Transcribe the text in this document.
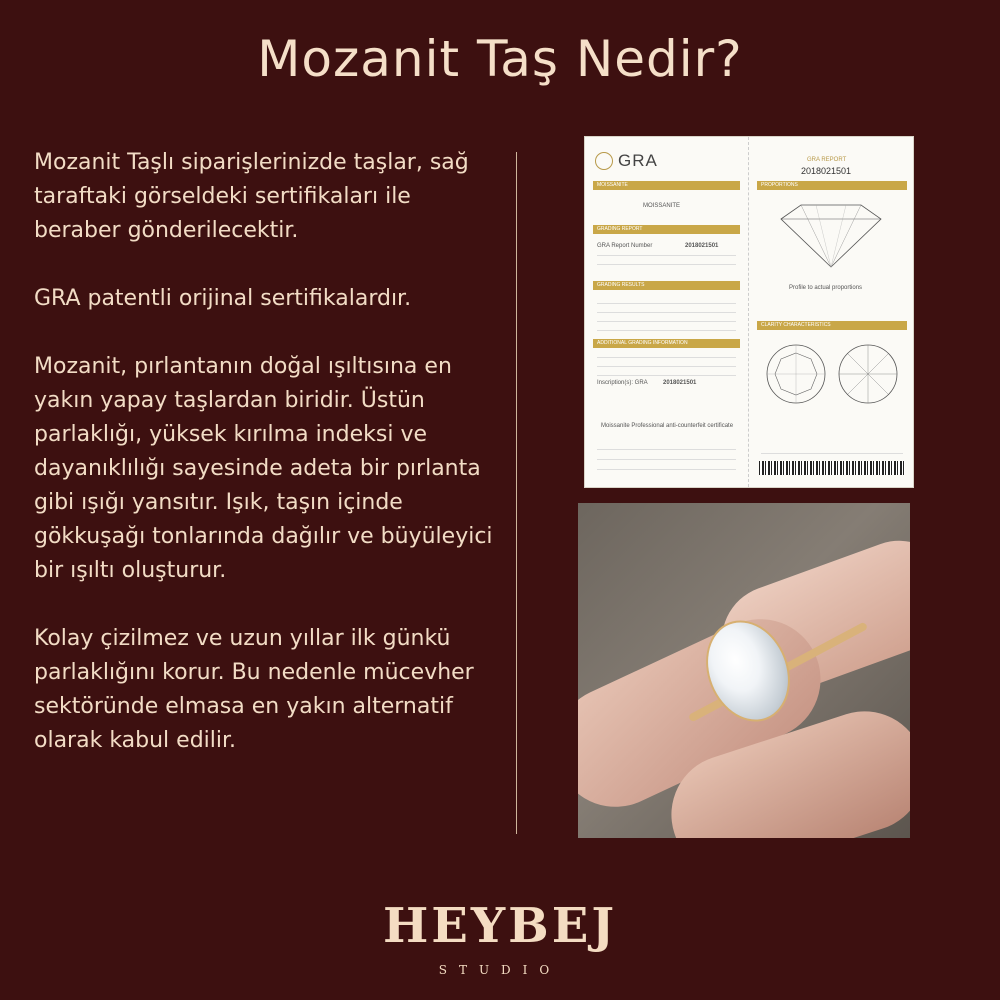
Mozanit Taş Nedir?

Mozanit Taşlı siparişlerinizde taşlar, sağ taraftaki görseldeki sertifikaları ile beraber gönderilecektir.

GRA patentli orijinal sertifikalardır.

Mozanit, pırlantanın doğal ışıltısına en yakın yapay taşlardan biridir. Üstün parlaklığı, yüksek kırılma indeksi ve dayanıklılığı sayesinde adeta bir pırlanta gibi ışığı yansıtır. Işık, taşın içinde gökkuşağı tonlarında dağılır ve büyüleyici bir ışıltı oluşturur.

Kolay çizilmez ve uzun yıllar ilk günkü parlaklığını korur. Bu nedenle mücevher sektöründe elmasa en yakın alternatif olarak kabul edilir.

GRA
MOISSANITE
MOISSANITE
GRADING REPORT
GRA Report Number	2018021501
GRADING RESULTS
ADDITIONAL GRADING INFORMATION
Inscription(s): GRA	2018021501
Moissanite Professional anti-counterfeit certificate
GRA REPORT
2018021501
PROPORTIONS
Profile to actual proportions
CLARITY CHARACTERISTICS
HEYBEJ
STUDIO
